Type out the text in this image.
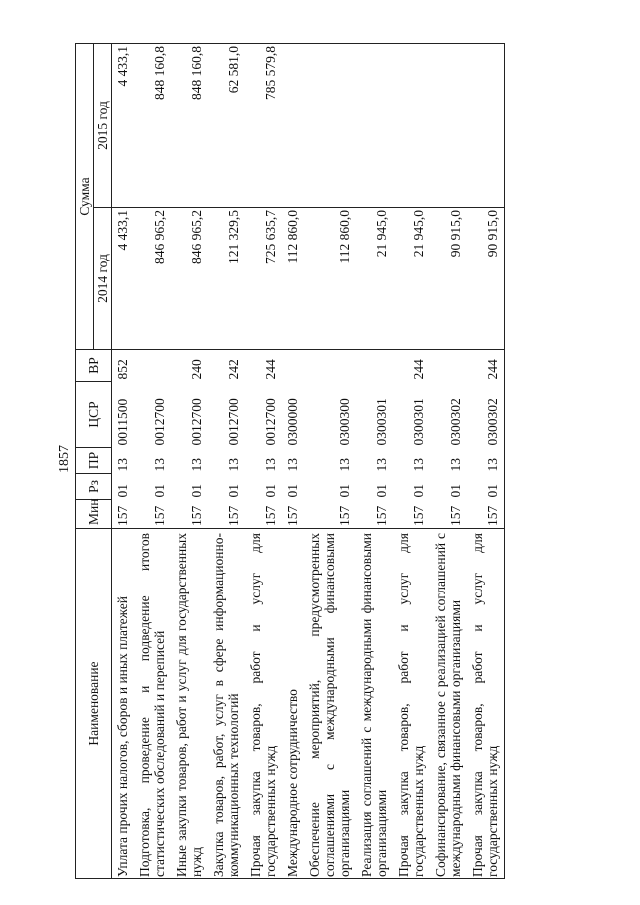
1857
Наименование	Мин	Рз	ПР	ЦСР	ВР	Сумма	
						2014 год	2015 год
Уплата прочих налогов, сборов и иных платежей	157	01	13	0011500	852	4 433,1	4 433,1
Подготовка, проведение и подведение итогов статистических обследований и переписей	157	01	13	0012700		846 965,2	848 160,8
Иные закупки товаров, работ и услуг для государственных нужд	157	01	13	0012700	240	846 965,2	848 160,8
Закупка товаров, работ, услуг в сфере информационно-коммуникационных технологий	157	01	13	0012700	242	121 329,5	62 581,0
Прочая закупка товаров, работ и услуг для государственных нужд	157	01	13	0012700	244	725 635,7	785 579,8
Международное сотрудничество	157	01	13	0300000		112 860,0	
Обеспечение мероприятий, предусмотренных соглашениями с международными финансовыми организациями	157	01	13	0300300		112 860,0	
Реализация соглашений с международными финансовыми организациями	157	01	13	0300301		21 945,0	
Прочая закупка товаров, работ и услуг для государственных нужд	157	01	13	0300301	244	21 945,0	
Софинансирование, связанное с реализацией соглашений с международными финансовыми организациями	157	01	13	0300302		90 915,0	
Прочая закупка товаров, работ и услуг для государственных нужд	157	01	13	0300302	244	90 915,0	
